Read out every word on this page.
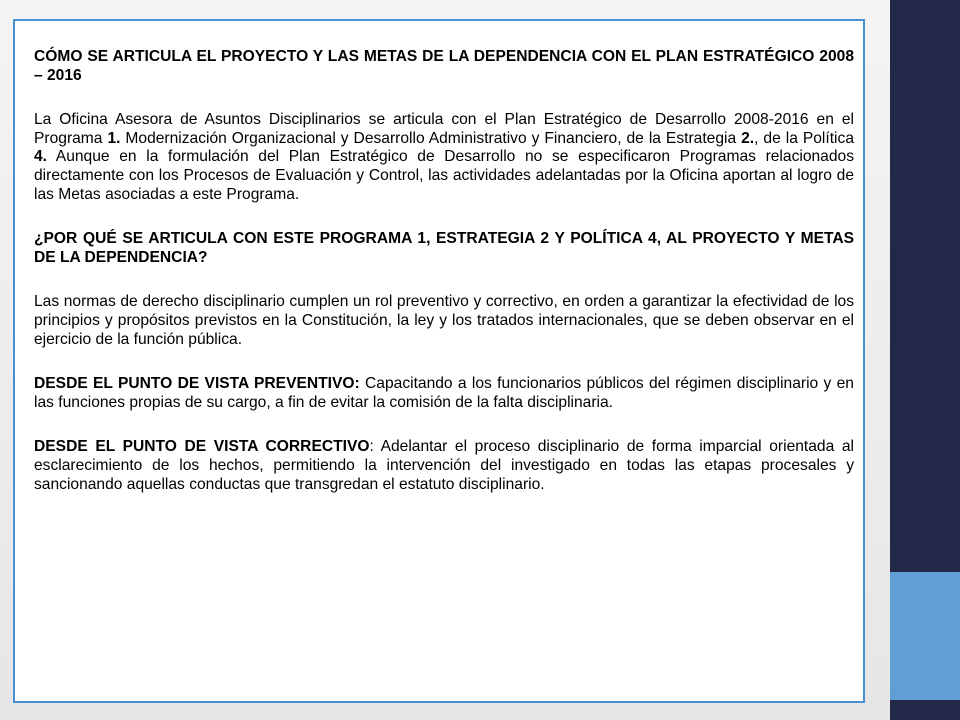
CÓMO SE ARTICULA EL PROYECTO Y LAS METAS DE LA DEPENDENCIA CON EL PLAN ESTRATÉGICO 2008 – 2016

La Oficina Asesora de Asuntos Disciplinarios se articula con el Plan Estratégico de Desarrollo 2008-2016 en el Programa 1. Modernización Organizacional y Desarrollo Administrativo y Financiero, de la Estrategia 2., de la Política 4. Aunque en la formulación del Plan Estratégico de Desarrollo no se especificaron Programas relacionados directamente con los Procesos de Evaluación y Control, las actividades adelantadas por la Oficina aportan al logro de las Metas asociadas a este Programa.

¿POR QUÉ SE ARTICULA CON ESTE PROGRAMA 1, ESTRATEGIA 2 Y POLÍTICA 4, AL PROYECTO Y METAS DE LA DEPENDENCIA?

Las normas de derecho disciplinario cumplen un rol preventivo y correctivo, en orden a garantizar la efectividad de los principios y propósitos previstos en la Constitución, la ley y los tratados internacionales, que se deben observar en el ejercicio de la función pública.

DESDE EL PUNTO DE VISTA PREVENTIVO: Capacitando a los funcionarios públicos del régimen disciplinario y en las funciones propias de su cargo, a fin de evitar la comisión de la falta disciplinaria.

DESDE EL PUNTO DE VISTA CORRECTIVO: Adelantar el proceso disciplinario de forma imparcial orientada al esclarecimiento de los hechos, permitiendo la intervención del investigado en todas las etapas procesales y sancionando aquellas conductas que transgredan el estatuto disciplinario.
